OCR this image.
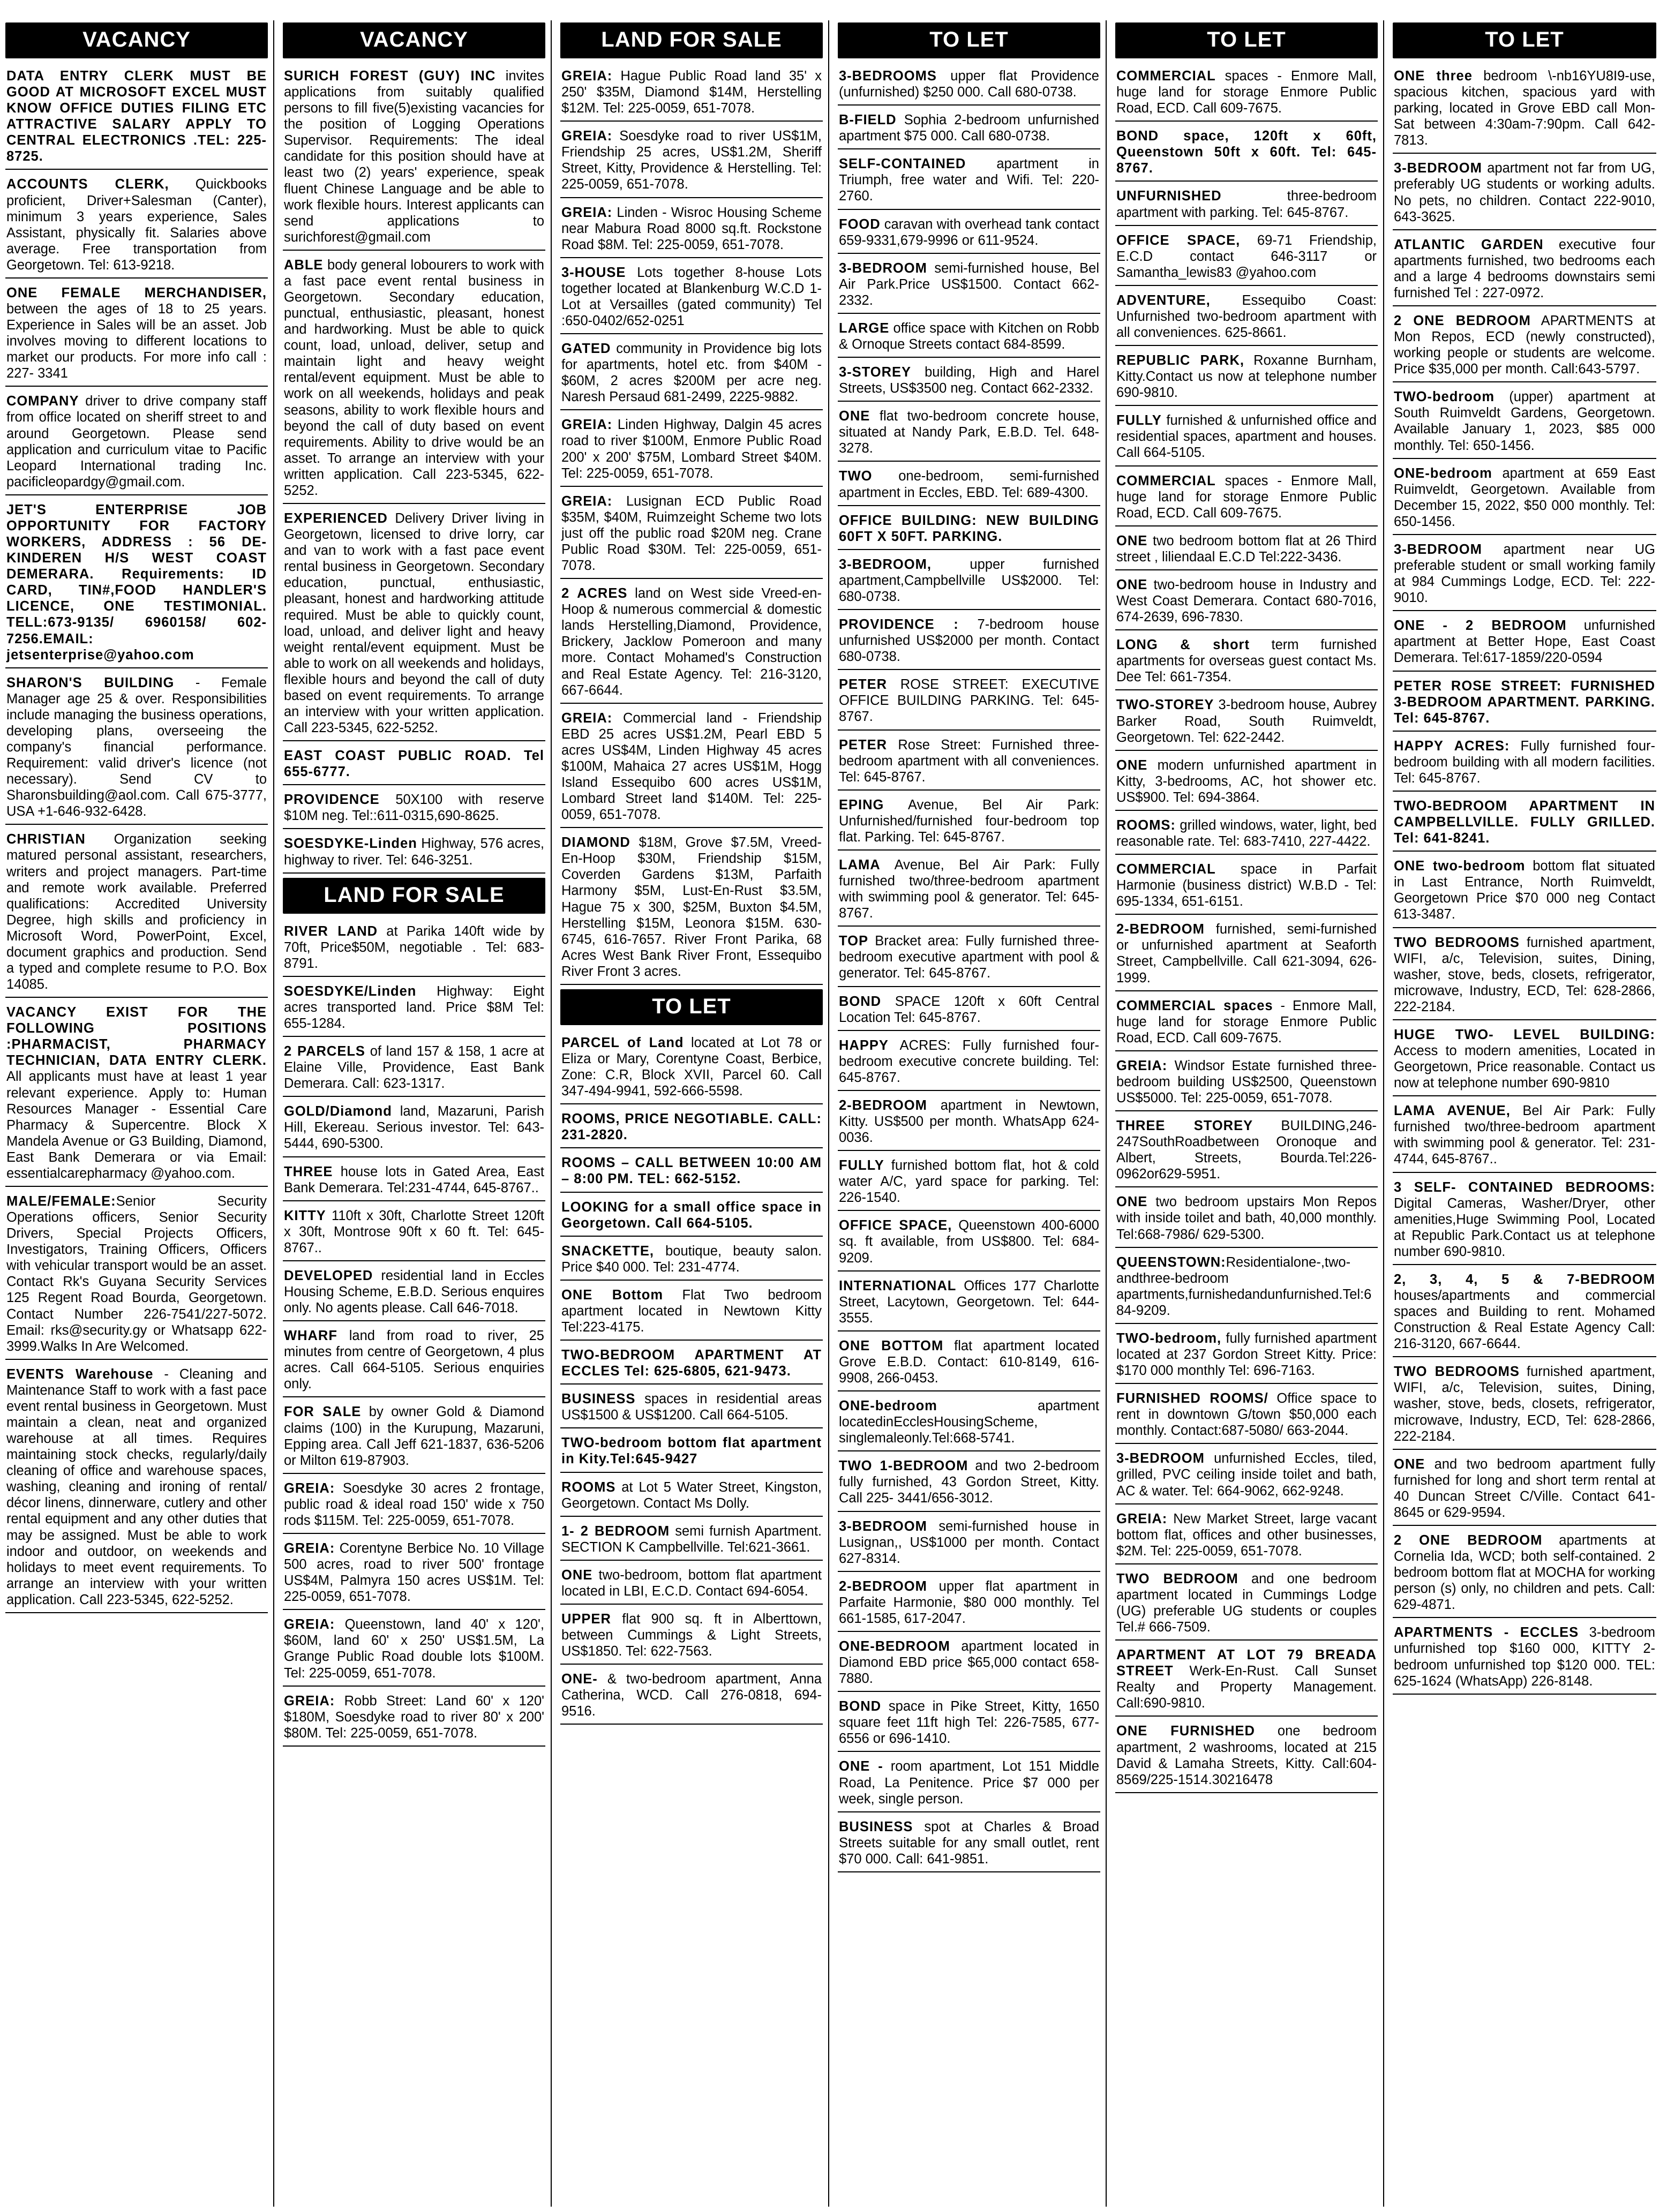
VACANCY
DATA ENTRY CLERK MUST BE GOOD AT MICROSOFT EXCEL MUST KNOW OFFICE DUTIES FILING ETC ATTRACTIVE SALARY APPLY TO CENTRAL ELECTRONICS .TEL: 225-8725.
ACCOUNTS CLERK, Quickbooks proficient, Driver+Salesman (Canter), minimum 3 years experience, Sales Assistant, physically fit. Salaries above average. Free transportation from Georgetown. Tel: 613-9218.
ONE FEMALE MERCHANDISER, between the ages of 18 to 25 years. Experience in Sales will be an asset. Job involves moving to different locations to market our products. For more info call : 227- 3341
COMPANY driver to drive company staff from office located on sheriff street to and around Georgetown. Please send application and curriculum vitae to Pacific Leopard International trading Inc. pacificleopardgy@gmail.com.
JET'S ENTERPRISE JOB OPPORTUNITY FOR FACTORY WORKERS, ADDRESS : 56 DE-KINDEREN H/S WEST COAST DEMERARA. Requirements: ID CARD, TIN#,FOOD HANDLER'S LICENCE, ONE TESTIMONIAL. TELL:673-9135/ 6960158/ 602-7256.EMAIL: jetsenterprise@yahoo.com
SHARON'S BUILDING - Female Manager age 25 & over. Responsibilities include managing the business operations, developing plans, overseeing the company's financial performance. Requirement: valid driver's licence (not necessary). Send CV to Sharonsbuilding@aol.com. Call 675-3777, USA +1-646-932-6428.
CHRISTIAN Organization seeking matured personal assistant, researchers, writers and project managers. Part-time and remote work available. Preferred qualifications: Accredited University Degree, high skills and proficiency in Microsoft Word, PowerPoint, Excel, document graphics and production. Send a typed and complete resume to P.O. Box 14085.
VACANCY EXIST FOR THE FOLLOWING POSITIONS :PHARMACIST, PHARMACY TECHNICIAN, DATA ENTRY CLERK. All applicants must have at least 1 year relevant experience. Apply to: Human Resources Manager - Essential Care Pharmacy & Supercentre. Block X Mandela Avenue or G3 Building, Diamond, East Bank Demerara or via Email: essentialcarepharmacy @yahoo.com.
MALE/FEMALE:Senior Security Operations officers, Senior Security Drivers, Special Projects Officers, Investigators, Training Officers, Officers with vehicular transport would be an asset. Contact Rk's Guyana Security Services 125 Regent Road Bourda, Georgetown. Contact Number 226-7541/227-5072. Email: rks@security.gy or Whatsapp 622-3999.Walks In Are Welcomed.
EVENTS Warehouse - Cleaning and Maintenance Staff to work with a fast pace event rental business in Georgetown. Must maintain a clean, neat and organized warehouse at all times. Requires maintaining stock checks, regularly/daily cleaning of office and warehouse spaces, washing, cleaning and ironing of rental/ décor linens, dinnerware, cutlery and other rental equipment and any other duties that may be assigned. Must be able to work indoor and outdoor, on weekends and holidays to meet event requirements. To arrange an interview with your written application. Call 223-5345, 622-5252.
VACANCY
SURICH FOREST (GUY) INC invites applications from suitably qualified persons to fill five(5)existing vacancies for the position of Logging Operations Supervisor. Requirements: The ideal candidate for this position should have at least two (2) years' experience, speak fluent Chinese Language and be able to work flexible hours. Interest applicants can send applications to surichforest@gmail.com
ABLE body general lobourers to work with a fast pace event rental business in Georgetown. Secondary education, punctual, enthusiastic, pleasant, honest and hardworking. Must be able to quick count, load, unload, deliver, setup and maintain light and heavy weight rental/event equipment. Must be able to work on all weekends, holidays and peak seasons, ability to work flexible hours and beyond the call of duty based on event requirements. Ability to drive would be an asset. To arrange an interview with your written application. Call 223-5345, 622-5252.
EXPERIENCED Delivery Driver living in Georgetown, licensed to drive lorry, car and van to work with a fast pace event rental business in Georgetown. Secondary education, punctual, enthusiastic, pleasant, honest and hardworking attitude required. Must be able to quickly count, load, unload, and deliver light and heavy weight rental/event equipment. Must be able to work on all weekends and holidays, flexible hours and beyond the call of duty based on event requirements. To arrange an interview with your written application. Call 223-5345, 622-5252.
EAST COAST PUBLIC ROAD. Tel 655-6777.
PROVIDENCE 50X100 with reserve $10M neg. Tel::611-0315,690-8625.
SOESDYKE-Linden Highway, 576 acres, highway to river. Tel: 646-3251.
LAND FOR SALE
RIVER LAND at Parika 140ft wide by 70ft, Price$50M, negotiable . Tel: 683-8791.
SOESDYKE/Linden Highway: Eight acres transported land. Price $8M Tel: 655-1284.
2 PARCELS of land 157 & 158, 1 acre at Elaine Ville, Providence, East Bank Demerara. Call: 623-1317.
GOLD/Diamond land, Mazaruni, Parish Hill, Ekereau. Serious investor. Tel: 643-5444, 690-5300.
THREE house lots in Gated Area, East Bank Demerara. Tel:231-4744, 645-8767..
KITTY 110ft x 30ft, Charlotte Street 120ft x 30ft, Montrose 90ft x 60 ft. Tel: 645-8767..
DEVELOPED residential land in Eccles Housing Scheme, E.B.D. Serious enquires only. No agents please. Call 646-7018.
WHARF land from road to river, 25 minutes from centre of Georgetown, 4 plus acres. Call 664-5105. Serious enquiries only.
FOR SALE by owner Gold & Diamond claims (100) in the Kurupung, Mazaruni, Epping area. Call Jeff 621-1837, 636-5206 or Milton 619-87903.
GREIA: Soesdyke 30 acres 2 frontage, public road & ideal road 150' wide x 750 rods $115M. Tel: 225-0059, 651-7078.
GREIA: Corentyne Berbice No. 10 Village 500 acres, road to river 500' frontage US$4M, Palmyra 150 acres US$1M. Tel: 225-0059, 651-7078.
GREIA: Queenstown, land 40' x 120', $60M, land 60' x 250' US$1.5M, La Grange Public Road double lots $100M. Tel: 225-0059, 651-7078.
GREIA: Robb Street: Land 60' x 120' $180M, Soesdyke road to river 80' x 200' $80M. Tel: 225-0059, 651-7078.
LAND FOR SALE
GREIA: Hague Public Road land 35' x 250' $35M, Diamond $14M, Herstelling $12M. Tel: 225-0059, 651-7078.
GREIA: Soesdyke road to river US$1M, Friendship 25 acres, US$1.2M, Sheriff Street, Kitty, Providence & Herstelling. Tel: 225-0059, 651-7078.
GREIA: Linden - Wisroc Housing Scheme near Mabura Road 8000 sq.ft. Rockstone Road $8M. Tel: 225-0059, 651-7078.
3-HOUSE Lots together 8-house Lots together located at Blankenburg W.C.D 1-Lot at Versailles (gated community) Tel :650-0402/652-0251
GATED community in Providence big lots for apartments, hotel etc. from $40M - $60M, 2 acres $200M per acre neg. Naresh Persaud 681-2499, 2225-9882.
GREIA: Linden Highway, Dalgin 45 acres road to river $100M, Enmore Public Road 200' x 200' $75M, Lombard Street $40M. Tel: 225-0059, 651-7078.
GREIA: Lusignan ECD Public Road $35M, $40M, Ruimzeight Scheme two lots just off the public road $20M neg. Crane Public Road $30M. Tel: 225-0059, 651-7078.
2 ACRES land on West side Vreed-en-Hoop & numerous commercial & domestic lands Herstelling,Diamond, Providence, Brickery, Jacklow Pomeroon and many more. Contact Mohamed's Construction and Real Estate Agency. Tel: 216-3120, 667-6644.
GREIA: Commercial land - Friendship EBD 25 acres US$1.2M, Pearl EBD 5 acres US$4M, Linden Highway 45 acres $100M, Mahaica 27 acres US$1M, Hogg Island Essequibo 600 acres US$1M, Lombard Street land $140M. Tel: 225-0059, 651-7078.
DIAMOND $18M, Grove $7.5M, Vreed-En-Hoop $30M, Friendship $15M, Coverden Gardens $13M, Parfaith Harmony $5M, Lust-En-Rust $3.5M, Hague 75 x 300, $25M, Buxton $4.5M, Herstelling $15M, Leonora $15M. 630-6745, 616-7657. River Front Parika, 68 Acres West Bank River Front, Essequibo River Front 3 acres.
TO LET
PARCEL of Land located at Lot 78 or Eliza or Mary, Corentyne Coast, Berbice, Zone: C.R, Block XVII, Parcel 60. Call 347-494-9941, 592-666-5598.
ROOMS, PRICE NEGOTIABLE. CALL: 231-2820.
ROOMS – CALL BETWEEN 10:00 AM – 8:00 PM. TEL: 662-5152.
LOOKING for a small office space in Georgetown. Call 664-5105.
SNACKETTE, boutique, beauty salon. Price $40 000. Tel: 231-4774.
ONE Bottom Flat Two bedroom apartment located in Newtown Kitty Tel:223-4175.
TWO-BEDROOM APARTMENT AT ECCLES Tel: 625-6805, 621-9473.
BUSINESS spaces in residential areas US$1500 & US$1200. Call 664-5105.
TWO-bedroom bottom flat apartment in Kity.Tel:645-9427
ROOMS at Lot 5 Water Street, Kingston, Georgetown. Contact Ms Dolly.
1- 2 BEDROOM semi furnish Apartment. SECTION K Campbellville. Tel:621-3661.
ONE two-bedroom, bottom flat apartment located in LBI, E.C.D. Contact 694-6054.
UPPER flat 900 sq. ft in Alberttown, between Cummings & Light Streets, US$1850. Tel: 622-7563.
ONE- & two-bedroom apartment, Anna Catherina, WCD. Call 276-0818, 694-9516.
TO LET
3-BEDROOMS upper flat Providence (unfurnished) $250 000. Call 680-0738.
B-FIELD Sophia 2-bedroom unfurnished apartment $75 000. Call 680-0738.
SELF-CONTAINED apartment in Triumph, free water and Wifi. Tel: 220-2760.
FOOD caravan with overhead tank contact 659-9331,679-9996 or 611-9524.
3-BEDROOM semi-furnished house, Bel Air Park.Price US$1500. Contact 662-2332.
LARGE office space with Kitchen on Robb & Ornoque Streets contact 684-8599.
3-STOREY building, High and Harel Streets, US$3500 neg. Contact 662-2332.
ONE flat two-bedroom concrete house, situated at Nandy Park, E.B.D. Tel. 648-3278.
TWO one-bedroom, semi-furnished apartment in Eccles, EBD. Tel: 689-4300.
OFFICE BUILDING: NEW BUILDING 60FT X 50FT. PARKING.
3-BEDROOM, upper furnished apartment,Campbellville US$2000. Tel: 680-0738.
PROVIDENCE : 7-bedroom house unfurnished US$2000 per month. Contact 680-0738.
PETER ROSE STREET: EXECUTIVE OFFICE BUILDING PARKING. Tel: 645-8767.
PETER Rose Street: Furnished three-bedroom apartment with all conveniences. Tel: 645-8767.
EPING Avenue, Bel Air Park: Unfurnished/furnished four-bedroom top flat. Parking. Tel: 645-8767.
LAMA Avenue, Bel Air Park: Fully furnished two/three-bedroom apartment with swimming pool & generator. Tel: 645-8767.
TOP Bracket area: Fully furnished three-bedroom executive apartment with pool & generator. Tel: 645-8767.
BOND SPACE 120ft x 60ft Central Location Tel: 645-8767.
HAPPY ACRES: Fully furnished four-bedroom executive concrete building. Tel: 645-8767.
2-BEDROOM apartment in Newtown, Kitty. US$500 per month. WhatsApp 624-0036.
FULLY furnished bottom flat, hot & cold water A/C, yard space for parking. Tel: 226-1540.
OFFICE SPACE, Queenstown 400-6000 sq. ft available, from US$800. Tel: 684-9209.
INTERNATIONAL Offices 177 Charlotte Street, Lacytown, Georgetown. Tel: 644-3555.
ONE BOTTOM flat apartment located Grove E.B.D. Contact: 610-8149, 616-9908, 266-0453.
ONE-bedroom apartment locatedinEcclesHousingScheme, singlemaleonly.Tel:668-5741.
TWO 1-BEDROOM and two 2-bedroom fully furnished, 43 Gordon Street, Kitty. Call 225- 3441/656-3012.
3-BEDROOM semi-furnished house in Lusignan,, US$1000 per month. Contact 627-8314.
2-BEDROOM upper flat apartment in Parfaite Harmonie, $80 000 monthly. Tel 661-1585, 617-2047.
ONE-BEDROOM apartment located in Diamond EBD price $65,000 contact 658-7880.
BOND space in Pike Street, Kitty, 1650 square feet 11ft high Tel: 226-7585, 677-6556 or 696-1410.
ONE - room apartment, Lot 151 Middle Road, La Penitence. Price $7 000 per week, single person.
BUSINESS spot at Charles & Broad Streets suitable for any small outlet, rent $70 000. Call: 641-9851.
TO LET
COMMERCIAL spaces - Enmore Mall, huge land for storage Enmore Public Road, ECD. Call 609-7675.
BOND space, 120ft x 60ft, Queenstown 50ft x 60ft. Tel: 645-8767.
UNFURNISHED three-bedroom apartment with parking. Tel: 645-8767.
OFFICE SPACE, 69-71 Friendship, E.C.D contact 646-3117 or Samantha_lewis83 @yahoo.com
ADVENTURE, Essequibo Coast: Unfurnished two-bedroom apartment with all conveniences. 625-8661.
REPUBLIC PARK, Roxanne Burnham, Kitty.Contact us now at telephone number 690-9810.
FULLY furnished & unfurnished office and residential spaces, apartment and houses. Call 664-5105.
COMMERCIAL spaces - Enmore Mall, huge land for storage Enmore Public Road, ECD. Call 609-7675.
ONE two bedroom bottom flat at 26 Third street , liliendaal E.C.D Tel:222-3436.
ONE two-bedroom house in Industry and West Coast Demerara. Contact 680-7016, 674-2639, 696-7830.
LONG & short term furnished apartments for overseas guest contact Ms. Dee Tel: 661-7354.
TWO-STOREY 3-bedroom house, Aubrey Barker Road, South Ruimveldt, Georgetown. Tel: 622-2442.
ONE modern unfurnished apartment in Kitty, 3-bedrooms, AC, hot shower etc. US$900. Tel: 694-3864.
ROOMS: grilled windows, water, light, bed reasonable rate. Tel: 683-7410, 227-4422.
COMMERCIAL space in Parfait Harmonie (business district) W.B.D - Tel: 695-1334, 651-6151.
2-BEDROOM furnished, semi-furnished or unfurnished apartment at Seaforth Street, Campbellville. Call 621-3094, 626-1999.
COMMERCIAL spaces - Enmore Mall, huge land for storage Enmore Public Road, ECD. Call 609-7675.
GREIA: Windsor Estate furnished three-bedroom building US$2500, Queenstown US$5000. Tel: 225-0059, 651-7078.
THREE STOREY BUILDING,246-247SouthRoadbetween Oronoque and Albert, Streets, Bourda.Tel:226-0962or629-5951.
ONE two bedroom upstairs Mon Repos with inside toilet and bath, 40,000 monthly. Tel:668-7986/ 629-5300.
QUEENSTOWN:Residentialone-,two-andthree-bedroom apartments,furnishedandunfurnished.Tel:684-9209.
TWO-bedroom, fully furnished apartment located at 237 Gordon Street Kitty. Price: $170 000 monthly Tel: 696-7163.
FURNISHED ROOMS/ Office space to rent in downtown G/town $50,000 each monthly. Contact:687-5080/ 663-2044.
3-BEDROOM unfurnished Eccles, tiled, grilled, PVC ceiling inside toilet and bath, AC & water. Tel: 664-9062, 662-9248.
GREIA: New Market Street, large vacant bottom flat, offices and other businesses, $2M. Tel: 225-0059, 651-7078.
TWO BEDROOM and one bedroom apartment located in Cummings Lodge (UG) preferable UG students or couples Tel.# 666-7509.
APARTMENT AT LOT 79 BREADA STREET Werk-En-Rust. Call Sunset Realty and Property Management. Call:690-9810.
ONE FURNISHED one bedroom apartment, 2 washrooms, located at 215 David & Lamaha Streets, Kitty. Call:604-8569/225-1514.30216478
TO LET
ONE three bedroom \-nb16YU8I9-use, spacious kitchen, spacious yard with parking, located in Grove EBD call Mon-Sat between 4:30am-7:90pm. Call 642-7813.
3-BEDROOM apartment not far from UG, preferably UG students or working adults. No pets, no children. Contact 222-9010, 643-3625.
ATLANTIC GARDEN executive four apartments furnished, two bedrooms each and a large 4 bedrooms downstairs semi furnished Tel : 227-0972.
2 ONE BEDROOM APARTMENTS at Mon Repos, ECD (newly constructed), working people or students are welcome. Price $35,000 per month. Call:643-5797.
TWO-bedroom (upper) apartment at South Ruimveldt Gardens, Georgetown. Available January 1, 2023, $85 000 monthly. Tel: 650-1456.
ONE-bedroom apartment at 659 East Ruimveldt, Georgetown. Available from December 15, 2022, $50 000 monthly. Tel: 650-1456.
3-BEDROOM apartment near UG preferable student or small working family at 984 Cummings Lodge, ECD. Tel: 222-9010.
ONE - 2 BEDROOM unfurnished apartment at Better Hope, East Coast Demerara. Tel:617-1859/220-0594
PETER ROSE STREET: FURNISHED 3-BEDROOM APARTMENT. PARKING. Tel: 645-8767.
HAPPY ACRES: Fully furnished four-bedroom building with all modern facilities. Tel: 645-8767.
TWO-BEDROOM APARTMENT IN CAMPBELLVILLE. FULLY GRILLED. Tel: 641-8241.
ONE two-bedroom bottom flat situated in Last Entrance, North Ruimveldt, Georgetown Price $70 000 neg Contact 613-3487.
TWO BEDROOMS furnished apartment, WIFI, a/c, Television, suites, Dining, washer, stove, beds, closets, refrigerator, microwave, Industry, ECD, Tel: 628-2866, 222-2184.
HUGE TWO- LEVEL BUILDING: Access to modern amenities, Located in Georgetown, Price reasonable. Contact us now at telephone number 690-9810
LAMA AVENUE, Bel Air Park: Fully furnished two/three-bedroom apartment with swimming pool & generator. Tel: 231-4744, 645-8767..
3 SELF- CONTAINED BEDROOMS: Digital Cameras, Washer/Dryer, other amenities,Huge Swimming Pool, Located at Republic Park.Contact us at telephone number 690-9810.
2, 3, 4, 5 & 7-BEDROOM houses/apartments and commercial spaces and Building to rent. Mohamed Construction & Real Estate Agency Call: 216-3120, 667-6644.
TWO BEDROOMS furnished apartment, WIFI, a/c, Television, suites, Dining, washer, stove, beds, closets, refrigerator, microwave, Industry, ECD, Tel: 628-2866, 222-2184.
ONE and two bedroom apartment fully furnished for long and short term rental at 40 Duncan Street C/Ville. Contact 641-8645 or 629-9594.
2 ONE BEDROOM apartments at Cornelia Ida, WCD; both self-contained. 2 bedroom bottom flat at MOCHA for working person (s) only, no children and pets. Call: 629-4871.
APARTMENTS - ECCLES 3-bedroom unfurnished top $160 000, KITTY 2-bedroom unfurnished top $120 000. TEL: 625-1624 (WhatsApp) 226-8148.
